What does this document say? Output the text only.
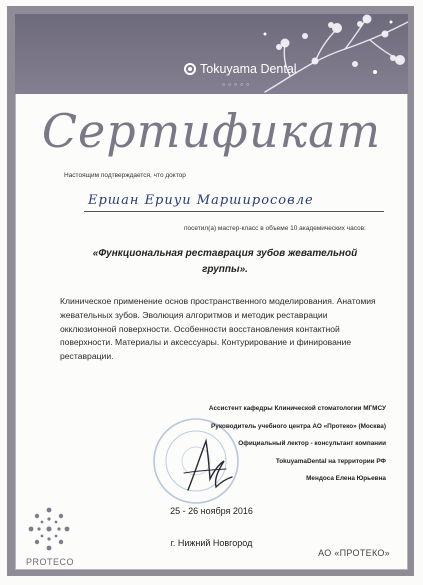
Tokuyama Dental
○○○○○
Сертификат
Настоящим подтверждается, что доктор
Ершан Ериуи Марширосовле
посетил(а) мастер-класс в объеме 10 академических часов:
«Функциональная реставрация зубов жевательной группы».
Клиническое применение основ пространственного моделирования. Анатомия жевательных зубов. Эволюция алгоритмов и методик реставрации окклюзионной поверхности. Особенности восстановления контактной поверхности. Материалы и аксессуары. Контурирование и финирование реставрации.
Ассистент кафедры Клинической стоматологии МГМСУ
Руководитель учебного центра АО «Протеко» (Москва)
Официальный лектор - консультант компании
TokuyamaDental на территории РФ
Мендоса Елена Юрьевна
25 - 26 ноября 2016
PROTECO
г. Нижний Новгород
АО «ПРОТЕКО»
